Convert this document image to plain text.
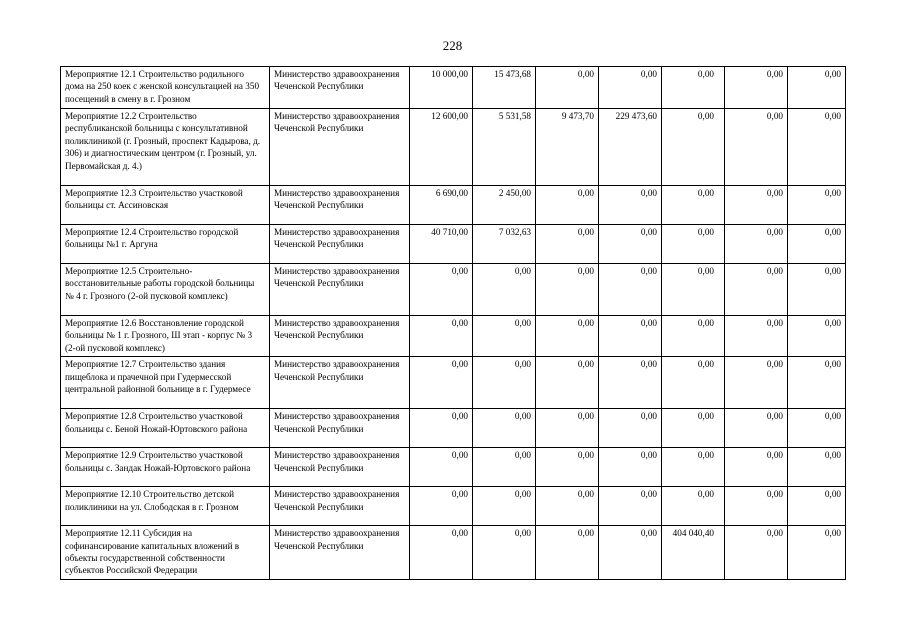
228
Мероприятие 12.1 Строительство родильного дома на 250 коек с женской консультацией на 350 посещений в смену в г. Грозном	Министерство здравоохранения Чеченской Республики	10 000,00	15 473,68	0,00	0,00	0,00	0,00	0,00
Мероприятие 12.2 Строительство республиканской больницы с консультативной поликлиникой (г. Грозный, проспект Кадырова, д. 306) и диагностическим центром (г. Грозный, ул. Первомайская д. 4.)	Министерство здравоохранения Чеченской Республики	12 600,00	5 531,58	9 473,70	229 473,60	0,00	0,00	0,00
Мероприятие 12.3 Строительство участковой больницы ст. Ассиновская	Министерство здравоохранения Чеченской Республики	6 690,00	2 450,00	0,00	0,00	0,00	0,00	0,00
Мероприятие 12.4 Строительство городской больницы №1 г. Аргуна	Министерство здравоохранения Чеченской Республики	40 710,00	7 032,63	0,00	0,00	0,00	0,00	0,00
Мероприятие 12.5 Строительно-восстановительные работы городской больницы № 4 г. Грозного (2-ой пусковой комплекс)	Министерство здравоохранения Чеченской Республики	0,00	0,00	0,00	0,00	0,00	0,00	0,00
Мероприятие 12.6 Восстановление городской больницы № 1 г. Грозного, Ш этап - корпус № 3 (2-ой пусковой комплекс)	Министерство здравоохранения Чеченской Республики	0,00	0,00	0,00	0,00	0,00	0,00	0,00
Мероприятие 12.7 Строительство здания пищеблока и прачечной при Гудермесской центральной районной больнице в г. Гудермесе	Министерство здравоохранения Чеченской Республики	0,00	0,00	0,00	0,00	0,00	0,00	0,00
Мероприятие 12.8 Строительство участковой больницы с. Беной Ножай-Юртовского района	Министерство здравоохранения Чеченской Республики	0,00	0,00	0,00	0,00	0,00	0,00	0,00
Мероприятие 12.9 Строительство участковой больницы с. Зандак Ножай-Юртовского района	Министерство здравоохранения Чеченской Республики	0,00	0,00	0,00	0,00	0,00	0,00	0,00
Мероприятие 12.10 Строительство детской поликлиники на ул. Слободская в г. Грозном	Министерство здравоохранения Чеченской Республики	0,00	0,00	0,00	0,00	0,00	0,00	0,00
Мероприятие 12.11 Субсидия на софинансирование капитальных вложений в объекты государственной собственности субъектов Российской Федерации	Министерство здравоохранения Чеченской Республики	0,00	0,00	0,00	0,00	404 040,40	0,00	0,00
